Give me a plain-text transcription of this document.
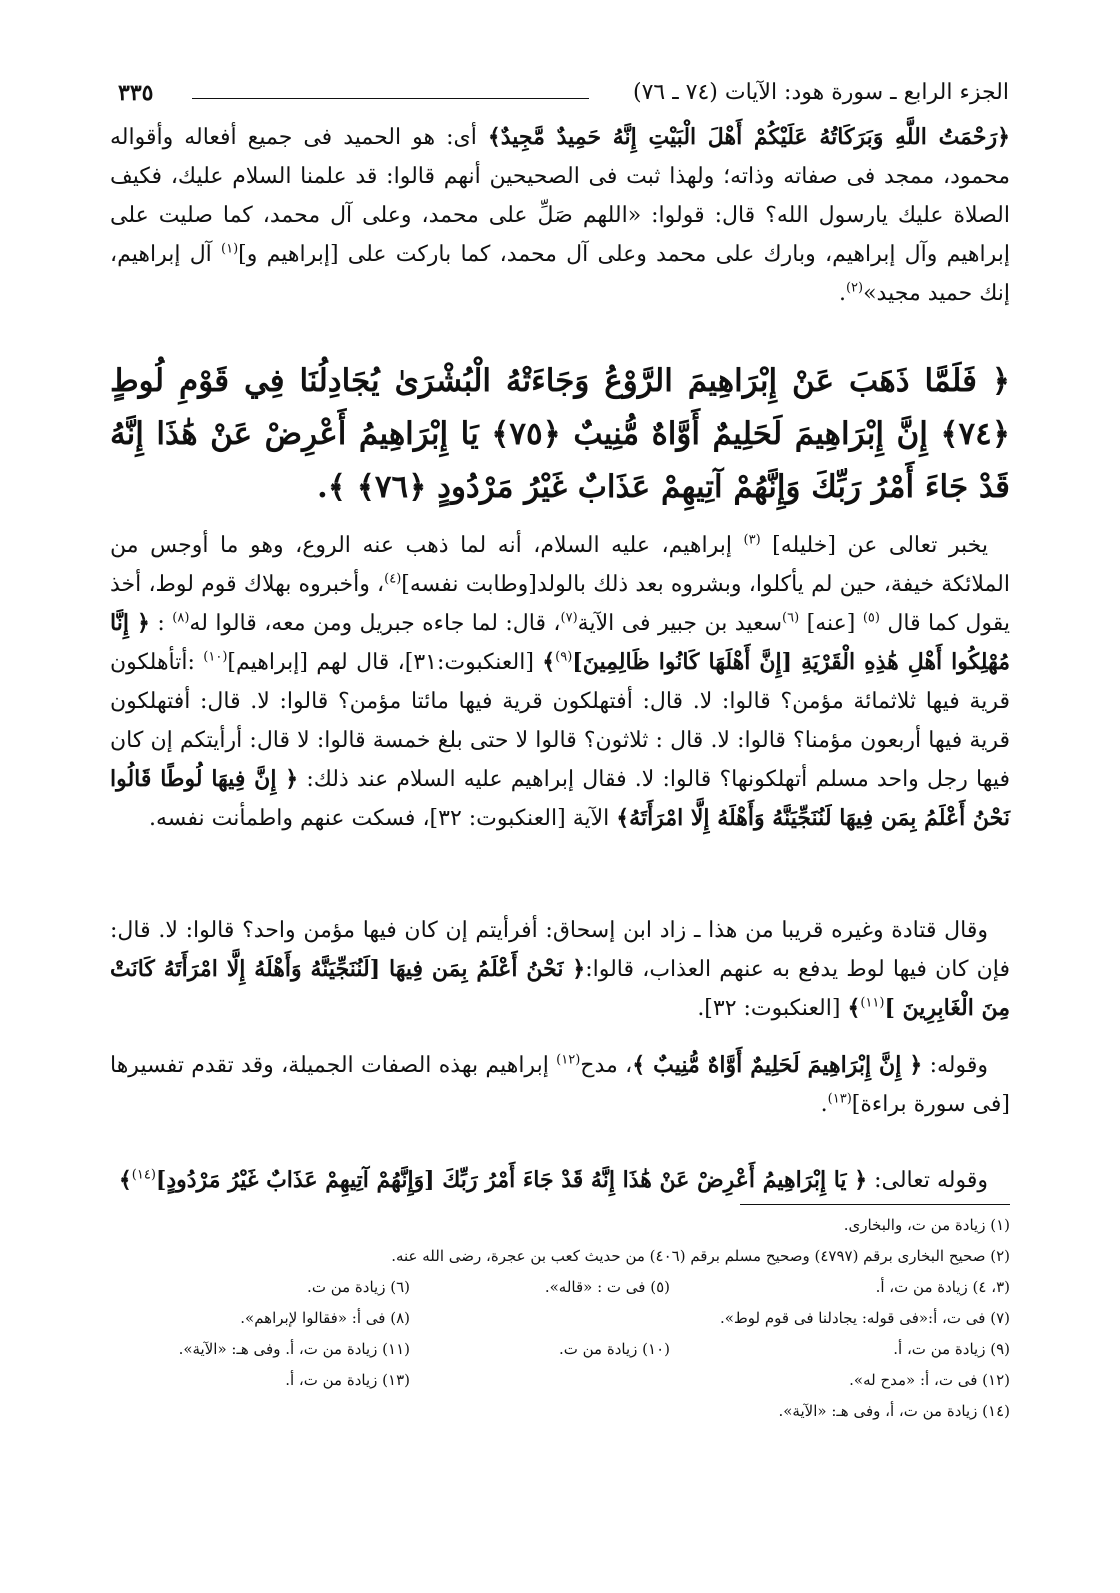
الجزء الرابع ـ سورة هود: الآيات (٧٤ ـ ٧٦)
٣٣٥

﴿رَحْمَتُ اللَّهِ وَبَرَكَاتُهُ عَلَيْكُمْ أَهْلَ الْبَيْتِ إِنَّهُ حَمِيدٌ مَّجِيدٌ﴾ أى: هو الحميد فى جميع أفعاله وأقواله محمود، ممجد فى صفاته وذاته؛ ولهذا ثبت فى الصحيحين أنهم قالوا: قد علمنا السلام عليك، فكيف الصلاة عليك يارسول الله؟ قال: قولوا: «اللهم صَلِّ على محمد، وعلى آل محمد، كما صليت على إبراهيم وآل إبراهيم، وبارك على محمد وعلى آل محمد، كما باركت على [إبراهيم و]$^{(١)}$ آل إبراهيم، إنك حميد مجيد»$^{(٢)}$.

﴿ فَلَمَّا ذَهَبَ عَنْ إِبْرَاهِيمَ الرَّوْعُ وَجَاءَتْهُ الْبُشْرَىٰ يُجَادِلُنَا فِي قَوْمِ لُوطٍ ﴿٧٤﴾ إِنَّ إِبْرَاهِيمَ لَحَلِيمٌ أَوَّاهٌ مُّنِيبٌ ﴿٧٥﴾ يَا إِبْرَاهِيمُ أَعْرِضْ عَنْ هَٰذَا إِنَّهُ قَدْ جَاءَ أَمْرُ رَبِّكَ وَإِنَّهُمْ آتِيهِمْ عَذَابٌ غَيْرُ مَرْدُودٍ ﴿٧٦﴾ ﴾.

يخبر تعالى عن [خليله] $^{(٣)}$ إبراهيم، عليه السلام، أنه لما ذهب عنه الروع، وهو ما أوجس من الملائكة خيفة، حين لم يأكلوا، وبشروه بعد ذلك بالولد[وطابت نفسه]$^{(٤)}$، وأخبروه بهلاك قوم لوط، أخذ يقول كما قال $^{(٥)}$ [عنه] $^{(٦)}$سعيد بن جبير فى الآية$^{(٧)}$، قال: لما جاءه جبريل ومن معه، قالوا له$^{(٨)}$ : ﴿ إِنَّا مُهْلِكُوا أَهْلِ هَٰذِهِ الْقَرْيَةِ [إِنَّ أَهْلَهَا كَانُوا ظَالِمِينَ]$^{(٩)}$﴾ [العنكبوت:٣١]، قال لهم [إبراهيم]$^{(١٠)}$ :أتأهلكون قرية فيها ثلاثمائة مؤمن؟ قالوا: لا. قال: أفتهلكون قرية فيها مائتا مؤمن؟ قالوا: لا. قال: أفتهلكون قرية فيها أربعون مؤمنا؟ قالوا: لا. قال : ثلاثون؟ قالوا لا حتى بلغ خمسة قالوا: لا قال: أرأيتكم إن كان فيها رجل واحد مسلم أتهلكونها؟ قالوا: لا. فقال إبراهيم عليه السلام عند ذلك: ﴿ إِنَّ فِيهَا لُوطًا قَالُوا نَحْنُ أَعْلَمُ بِمَن فِيهَا لَنُنَجِّيَنَّهُ وَأَهْلَهُ إِلَّا امْرَأَتَهُ﴾ الآية [العنكبوت: ٣٢]، فسكت عنهم واطمأنت نفسه.

وقال قتادة وغيره قريبا من هذا ـ زاد ابن إسحاق: أفرأيتم إن كان فيها مؤمن واحد؟ قالوا: لا. قال: فإن كان فيها لوط يدفع به عنهم العذاب، قالوا:﴿ نَحْنُ أَعْلَمُ بِمَن فِيهَا [لَنُنَجِّيَنَّهُ وَأَهْلَهُ إِلَّا امْرَأَتَهُ كَانَتْ مِنَ الْغَابِرِينَ ]$^{(١١)}$﴾ [العنكبوت: ٣٢].

وقوله: ﴿ إِنَّ إِبْرَاهِيمَ لَحَلِيمٌ أَوَّاهٌ مُّنِيبٌ ﴾، مدح$^{(١٢)}$ إبراهيم بهذه الصفات الجميلة، وقد تقدم تفسيرها [فى سورة براءة]$^{(١٣)}$.

وقوله تعالى: ﴿ يَا إِبْرَاهِيمُ أَعْرِضْ عَنْ هَٰذَا إِنَّهُ قَدْ جَاءَ أَمْرُ رَبِّكَ [وَإِنَّهُمْ آتِيهِمْ عَذَابٌ غَيْرُ مَرْدُودٍ]$^{(١٤)}$﴾

(١) زيادة من ت، والبخارى.
(٢) صحيح البخارى برقم (٤٧٩٧) وصحيح مسلم برقم (٤٠٦) من حديث كعب بن عجرة، رضى الله عنه.
(٣، ٤) زيادة من ت، أ.
(٥) فى ت : «قاله».
(٦) زيادة من ت.
(٧) فى ت، أ:«فى قوله: يجادلنا فى قوم لوط».
(٨) فى أ: «فقالوا لإبراهم».
(٩) زيادة من ت، أ.
(١٠) زيادة من ت.
(١١) زيادة من ت، أ. وفى هـ: «الآية».
(١٢) فى ت، أ: «مدح له».
(١٣) زيادة من ت، أ.
(١٤) زيادة من ت، أ، وفى هـ: «الآية».
